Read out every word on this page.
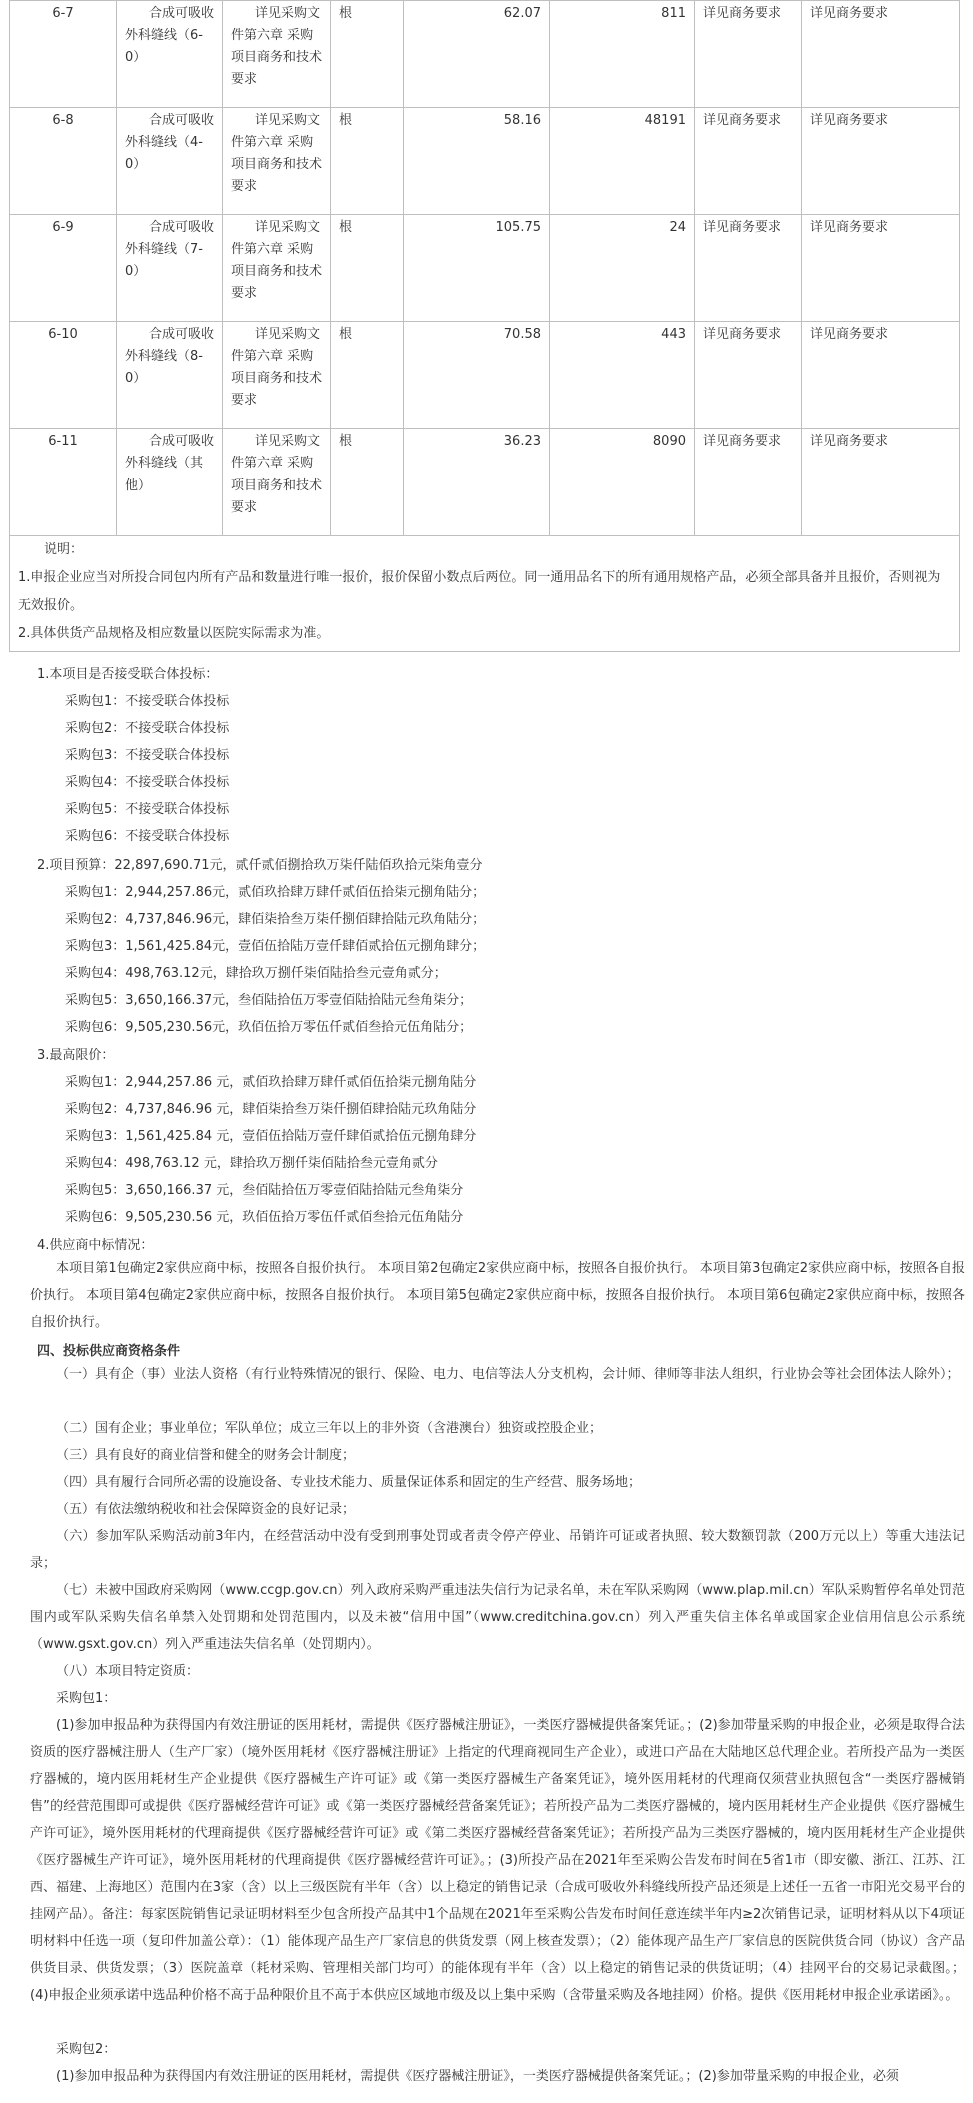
6-7	合成可吸收外科缝线（6-0）	详见采购文件第六章 采购项目商务和技术要求	根	62.07	811	详见商务要求	详见商务要求
6-8	合成可吸收外科缝线（4-0）	详见采购文件第六章 采购项目商务和技术要求	根	58.16	48191	详见商务要求	详见商务要求
6-9	合成可吸收外科缝线（7-0）	详见采购文件第六章 采购项目商务和技术要求	根	105.75	24	详见商务要求	详见商务要求
6-10	合成可吸收外科缝线（8-0）	详见采购文件第六章 采购项目商务和技术要求	根	70.58	443	详见商务要求	详见商务要求
6-11	合成可吸收外科缝线（其他）	详见采购文件第六章 采购项目商务和技术要求	根	36.23	8090	详见商务要求	详见商务要求

说明：
1.申报企业应当对所投合同包内所有产品和数量进行唯一报价，报价保留小数点后两位。同一通用品名下的所有通用规格产品，必须全部具备并且报价，否则视为无效报价。
2.具体供货产品规格及相应数量以医院实际需求为准。							
1.本项目是否接受联合体投标：
采购包1：不接受联合体投标
采购包2：不接受联合体投标
采购包3：不接受联合体投标
采购包4：不接受联合体投标
采购包5：不接受联合体投标
采购包6：不接受联合体投标
2.项目预算：22,897,690.71元，贰仟贰佰捌拾玖万柒仟陆佰玖拾元柒角壹分
采购包1：2,944,257.86元，贰佰玖拾肆万肆仟贰佰伍拾柒元捌角陆分；
采购包2：4,737,846.96元，肆佰柒拾叁万柒仟捌佰肆拾陆元玖角陆分；
采购包3：1,561,425.84元，壹佰伍拾陆万壹仟肆佰贰拾伍元捌角肆分；
采购包4：498,763.12元，肆拾玖万捌仟柒佰陆拾叁元壹角贰分；
采购包5：3,650,166.37元，叁佰陆拾伍万零壹佰陆拾陆元叁角柒分；
采购包6：9,505,230.56元，玖佰伍拾万零伍仟贰佰叁拾元伍角陆分；
3.最高限价：
采购包1：2,944,257.86 元，贰佰玖拾肆万肆仟贰佰伍拾柒元捌角陆分
采购包2：4,737,846.96 元，肆佰柒拾叁万柒仟捌佰肆拾陆元玖角陆分
采购包3：1,561,425.84 元，壹佰伍拾陆万壹仟肆佰贰拾伍元捌角肆分
采购包4：498,763.12 元，肆拾玖万捌仟柒佰陆拾叁元壹角贰分
采购包5：3,650,166.37 元，叁佰陆拾伍万零壹佰陆拾陆元叁角柒分
采购包6：9,505,230.56 元，玖佰伍拾万零伍仟贰佰叁拾元伍角陆分
4.供应商中标情况：
本项目第1包确定2家供应商中标，按照各自报价执行。 本项目第2包确定2家供应商中标，按照各自报价执行。 本项目第3包确定2家供应商中标，按照各自报价执行。 本项目第4包确定2家供应商中标，按照各自报价执行。 本项目第5包确定2家供应商中标，按照各自报价执行。 本项目第6包确定2家供应商中标，按照各自报价执行。
四、投标供应商资格条件
（一）具有企（事）业法人资格（有行业特殊情况的银行、保险、电力、电信等法人分支机构，会计师、律师等非法人组织，行业协会等社会团体法人除外）；
（二）国有企业；事业单位；军队单位；成立三年以上的非外资（含港澳台）独资或控股企业；
（三）具有良好的商业信誉和健全的财务会计制度；
（四）具有履行合同所必需的设施设备、专业技术能力、质量保证体系和固定的生产经营、服务场地；
（五）有依法缴纳税收和社会保障资金的良好记录；
（六）参加军队采购活动前3年内，在经营活动中没有受到刑事处罚或者责令停产停业、吊销许可证或者执照、较大数额罚款（200万元以上）等重大违法记录；
（七）未被中国政府采购网（www.ccgp.gov.cn）列入政府采购严重违法失信行为记录名单，未在军队采购网（www.plap.mil.cn）军队采购暂停名单处罚范围内或军队采购失信名单禁入处罚期和处罚范围内，以及未被“信用中国”（www.creditchina.gov.cn）列入严重失信主体名单或国家企业信用信息公示系统（www.gsxt.gov.cn）列入严重违法失信名单（处罚期内）。
（八）本项目特定资质：
采购包1：
(1)参加申报品种为获得国内有效注册证的医用耗材，需提供《医疗器械注册证》，一类医疗器械提供备案凭证。；(2)参加带量采购的申报企业，必须是取得合法资质的医疗器械注册人（生产厂家）（境外医用耗材《医疗器械注册证》上指定的代理商视同生产企业），或进口产品在大陆地区总代理企业。若所投产品为一类医疗器械的，境内医用耗材生产企业提供《医疗器械生产许可证》或《第一类医疗器械生产备案凭证》，境外医用耗材的代理商仅须营业执照包含“一类医疗器械销售”的经营范围即可或提供《医疗器械经营许可证》或《第一类医疗器械经营备案凭证》；若所投产品为二类医疗器械的，境内医用耗材生产企业提供《医疗器械生产许可证》，境外医用耗材的代理商提供《医疗器械经营许可证》或《第二类医疗器械经营备案凭证》；若所投产品为三类医疗器械的，境内医用耗材生产企业提供《医疗器械生产许可证》，境外医用耗材的代理商提供《医疗器械经营许可证》。；(3)所投产品在2021年至采购公告发布时间在5省1市（即安徽、浙江、江苏、江西、福建、上海地区）范围内在3家（含）以上三级医院有半年（含）以上稳定的销售记录（合成可吸收外科缝线所投产品还须是上述任一五省一市阳光交易平台的挂网产品）。备注：每家医院销售记录证明材料至少包含所投产品其中1个品规在2021年至采购公告发布时间任意连续半年内≥2次销售记录，证明材料从以下4项证明材料中任选一项（复印件加盖公章）：（1）能体现产品生产厂家信息的供货发票（网上核查发票）；（2）能体现产品生产厂家信息的医院供货合同（协议）含产品供货目录、供货发票；（3）医院盖章（耗材采购、管理相关部门均可）的能体现有半年（含）以上稳定的销售记录的供货证明；（4）挂网平台的交易记录截图。；(4)申报企业须承诺中选品种价格不高于品种限价且不高于本供应区域地市级及以上集中采购（含带量采购及各地挂网）价格。提供《医用耗材申报企业承诺函》。。
采购包2：
(1)参加申报品种为获得国内有效注册证的医用耗材，需提供《医疗器械注册证》，一类医疗器械提供备案凭证。；(2)参加带量采购的申报企业，必须
